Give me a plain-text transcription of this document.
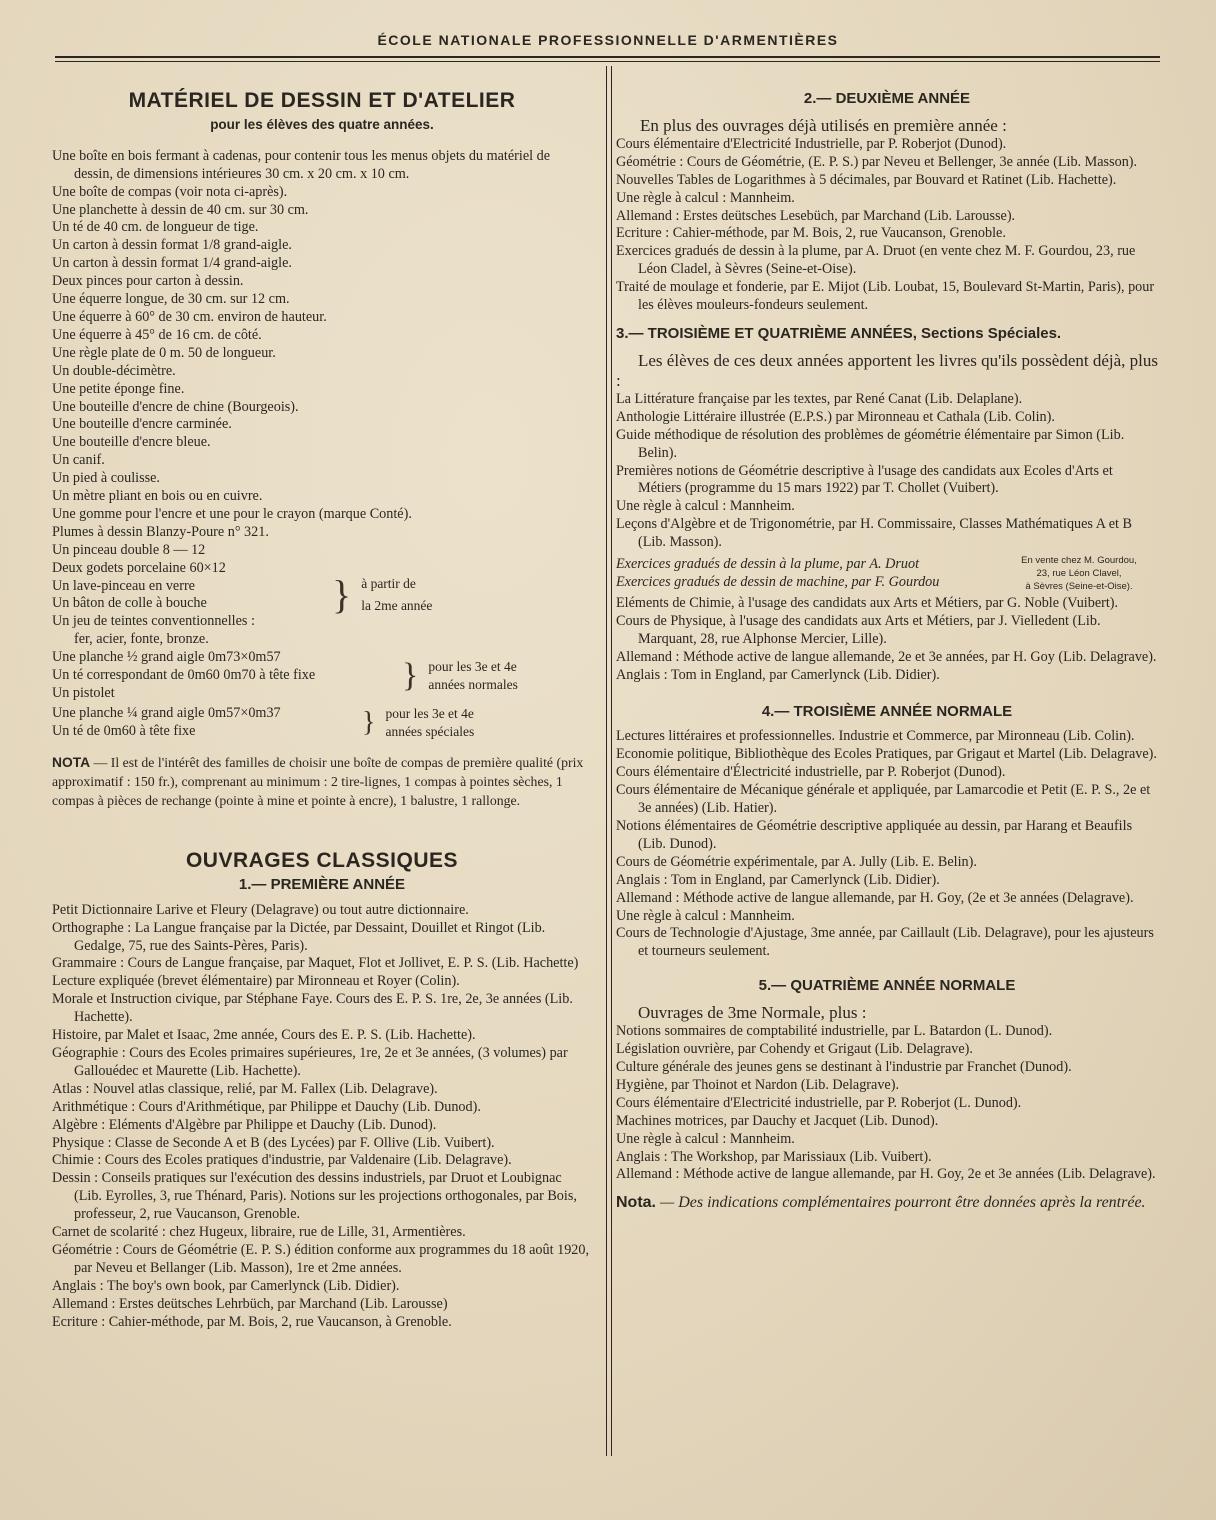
ÉCOLE NATIONALE PROFESSIONNELLE D'ARMENTIÈRES
MATÉRIEL DE DESSIN ET D'ATELIER
pour les élèves des quatre années.
Une boîte en bois fermant à cadenas, pour contenir tous les menus objets du matériel de dessin, de dimensions intérieures 30 cm. x 20 cm. x 10 cm.
Une boîte de compas (voir nota ci-après).
Une planchette à dessin de 40 cm. sur 30 cm.
Un té de 40 cm. de longueur de tige.
Un carton à dessin format 1/8 grand-aigle.
Un carton à dessin format 1/4 grand-aigle.
Deux pinces pour carton à dessin.
Une équerre longue, de 30 cm. sur 12 cm.
Une équerre à 60° de 30 cm. environ de hauteur.
Une équerre à 45° de 16 cm. de côté.
Une règle plate de 0 m. 50 de longueur.
Un double-décimètre.
Une petite éponge fine.
Une bouteille d'encre de chine (Bourgeois).
Une bouteille d'encre carminée.
Une bouteille d'encre bleue.
Un canif.
Un pied à coulisse.
Un mètre pliant en bois ou en cuivre.
Une gomme pour l'encre et une pour le crayon (marque Conté).
Plumes à dessin Blanzy-Poure n° 321.
Un pinceau double 8 — 12
Deux godets porcelaine 60×12
Un lave-pinceau en verre
Un bâton de colle à bouche
Un jeu de teintes conventionnelles :
fer, acier, fonte, bronze.
} à partir de
la 2me année
Une planche ½ grand aigle 0m73×0m57
Un té correspondant de 0m60 0m70 à tête fixe
Un pistolet	} pour les 3e et 4e
années normales
Une planche ¼ grand aigle 0m57×0m37
Un té de 0m60 à tête fixe	} pour les 3e et 4e
années spéciales
NOTA — Il est de l'intérêt des familles de choisir une boîte de compas de première qualité (prix approximatif : 150 fr.), comprenant au minimum : 2 tire-lignes, 1 compas à pointes sèches, 1 compas à pièces de rechange (pointe à mine et pointe à encre), 1 balustre, 1 rallonge.
OUVRAGES CLASSIQUES
1.— PREMIÈRE ANNÉE
Petit Dictionnaire Larive et Fleury (Delagrave) ou tout autre dictionnaire.
Orthographe : La Langue française par la Dictée, par Dessaint, Douillet et Ringot (Lib. Gedalge, 75, rue des Saints-Pères, Paris).
Grammaire : Cours de Langue française, par Maquet, Flot et Jollivet, E. P. S. (Lib. Hachette)
Lecture expliquée (brevet élémentaire) par Mironneau et Royer (Colin).
Morale et Instruction civique, par Stéphane Faye. Cours des E. P. S. 1re, 2e, 3e années (Lib. Hachette).
Histoire, par Malet et Isaac, 2me année, Cours des E. P. S. (Lib. Hachette).
Géographie : Cours des Ecoles primaires supérieures, 1re, 2e et 3e années, (3 volumes) par Gallouédec et Maurette (Lib. Hachette).
Atlas : Nouvel atlas classique, relié, par M. Fallex (Lib. Delagrave).
Arithmétique : Cours d'Arithmétique, par Philippe et Dauchy (Lib. Dunod).
Algèbre : Eléments d'Algèbre par Philippe et Dauchy (Lib. Dunod).
Physique : Classe de Seconde A et B (des Lycées) par F. Ollive (Lib. Vuibert).
Chimie : Cours des Ecoles pratiques d'industrie, par Valdenaire (Lib. Delagrave).
Dessin : Conseils pratiques sur l'exécution des dessins industriels, par Druot et Loubignac (Lib. Eyrolles, 3, rue Thénard, Paris). Notions sur les projections orthogonales, par Bois, professeur, 2, rue Vaucanson, Grenoble.
Carnet de scolarité : chez Hugeux, libraire, rue de Lille, 31, Armentières.
Géométrie : Cours de Géométrie (E. P. S.) édition conforme aux programmes du 18 août 1920, par Neveu et Bellanger (Lib. Masson), 1re et 2me années.
Anglais : The boy's own book, par Camerlynck (Lib. Didier).
Allemand : Erstes deütsches Lehrbüch, par Marchand (Lib. Larousse)
Ecriture : Cahier-méthode, par M. Bois, 2, rue Vaucanson, à Grenoble.
2.— DEUXIÈME ANNÉE
En plus des ouvrages déjà utilisés en première année :
Cours élémentaire d'Electricité Industrielle, par P. Roberjot (Dunod).
Géométrie : Cours de Géométrie, (E. P. S.) par Neveu et Bellenger, 3e année (Lib. Masson).
Nouvelles Tables de Logarithmes à 5 décimales, par Bouvard et Ratinet (Lib. Hachette).
Une règle à calcul : Mannheim.
Allemand : Erstes deütsches Lesebüch, par Marchand (Lib. Larousse).
Ecriture : Cahier-méthode, par M. Bois, 2, rue Vaucanson, Grenoble.
Exercices gradués de dessin à la plume, par A. Druot (en vente chez M. F. Gourdou, 23, rue Léon Cladel, à Sèvres (Seine-et-Oise).
Traité de moulage et fonderie, par E. Mijot (Lib. Loubat, 15, Boulevard St-Martin, Paris), pour les élèves mouleurs-fondeurs seulement.
3.— TROISIÈME ET QUATRIÈME ANNÉES, Sections Spéciales.
Les élèves de ces deux années apportent les livres qu'ils possèdent déjà, plus :
La Littérature française par les textes, par René Canat (Lib. Delaplane).
Anthologie Littéraire illustrée (E.P.S.) par Mironneau et Cathala (Lib. Colin).
Guide méthodique de résolution des problèmes de géométrie élémentaire par Simon (Lib. Belin).
Premières notions de Géométrie descriptive à l'usage des candidats aux Ecoles d'Arts et Métiers (programme du 15 mars 1922) par T. Chollet (Vuibert).
Une règle à calcul : Mannheim.
Leçons d'Algèbre et de Trigonométrie, par H. Commissaire, Classes Mathématiques A et B (Lib. Masson).
Exercices gradués de dessin à la plume, par A. Druot
Exercices gradués de dessin de machine, par F. Gourdou
En vente chez M. Gourdou,
23, rue Léon Clavel,
à Sèvres (Seine-et-Oise).
Eléments de Chimie, à l'usage des candidats aux Arts et Métiers, par G. Noble (Vuibert).
Cours de Physique, à l'usage des candidats aux Arts et Métiers, par J. Vielledent (Lib. Marquant, 28, rue Alphonse Mercier, Lille).
Allemand : Méthode active de langue allemande, 2e et 3e années, par H. Goy (Lib. Delagrave).
Anglais : Tom in England, par Camerlynck (Lib. Didier).
4.— TROISIÈME ANNÉE NORMALE
Lectures littéraires et professionnelles. Industrie et Commerce, par Mironneau (Lib. Colin).
Economie politique, Bibliothèque des Ecoles Pratiques, par Grigaut et Martel (Lib. Delagrave).
Cours élémentaire d'Électricité industrielle, par P. Roberjot (Dunod).
Cours élémentaire de Mécanique générale et appliquée, par Lamarcodie et Petit (E. P. S., 2e et 3e années) (Lib. Hatier).
Notions élémentaires de Géométrie descriptive appliquée au dessin, par Harang et Beaufils (Lib. Dunod).
Cours de Géométrie expérimentale, par A. Jully (Lib. E. Belin).
Anglais : Tom in England, par Camerlynck (Lib. Didier).
Allemand : Méthode active de langue allemande, par H. Goy, (2e et 3e années (Delagrave).
Une règle à calcul : Mannheim.
Cours de Technologie d'Ajustage, 3me année, par Caillault (Lib. Delagrave), pour les ajusteurs et tourneurs seulement.
5.— QUATRIÈME ANNÉE NORMALE
Ouvrages de 3me Normale, plus :
Notions sommaires de comptabilité industrielle, par L. Batardon (L. Dunod).
Législation ouvrière, par Cohendy et Grigaut (Lib. Delagrave).
Culture générale des jeunes gens se destinant à l'industrie par Franchet (Dunod).
Hygiène, par Thoinot et Nardon (Lib. Delagrave).
Cours élémentaire d'Electricité industrielle, par P. Roberjot (L. Dunod).
Machines motrices, par Dauchy et Jacquet (Lib. Dunod).
Une règle à calcul : Mannheim.
Anglais : The Workshop, par Marissiaux (Lib. Vuibert).
Allemand : Méthode active de langue allemande, par H. Goy, 2e et 3e années (Lib. Delagrave).
Nota. — Des indications complémentaires pourront être données après la rentrée.
